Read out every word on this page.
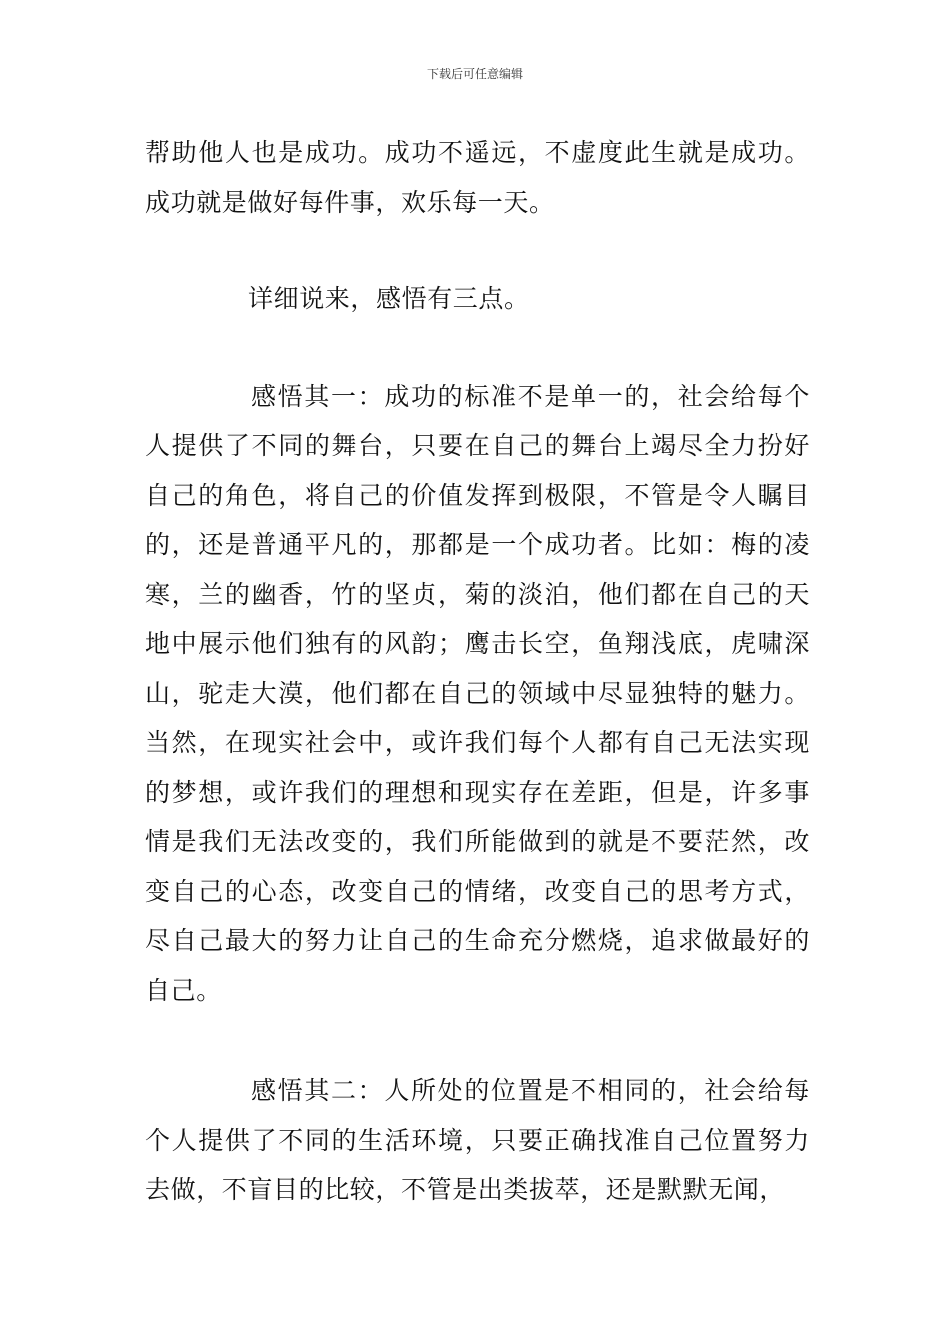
下载后可任意编辑

帮助他人也是成功。成功不遥远，不虚度此生就是成功。成功就是做好每件事，欢乐每一天。

详细说来，感悟有三点。

感悟其一：成功的标准不是单一的，社会给每个人提供了不同的舞台，只要在自己的舞台上竭尽全力扮好自己的角色，将自己的价值发挥到极限，不管是令人瞩目的，还是普通平凡的，那都是一个成功者。比如：梅的凌寒，兰的幽香，竹的坚贞，菊的淡泊，他们都在自己的天地中展示他们独有的风韵；鹰击长空，鱼翔浅底，虎啸深山，驼走大漠，他们都在自己的领域中尽显独特的魅力。当然，在现实社会中，或许我们每个人都有自己无法实现的梦想，或许我们的理想和现实存在差距，但是，许多事情是我们无法改变的，我们所能做到的就是不要茫然，改变自己的心态，改变自己的情绪，改变自己的思考方式，尽自己最大的努力让自己的生命充分燃烧，追求做最好的自己。

感悟其二：人所处的位置是不相同的，社会给每个人提供了不同的生活环境，只要正确找准自己位置努力去做，不盲目的比较，不管是出类拔萃，还是默默无闻，
